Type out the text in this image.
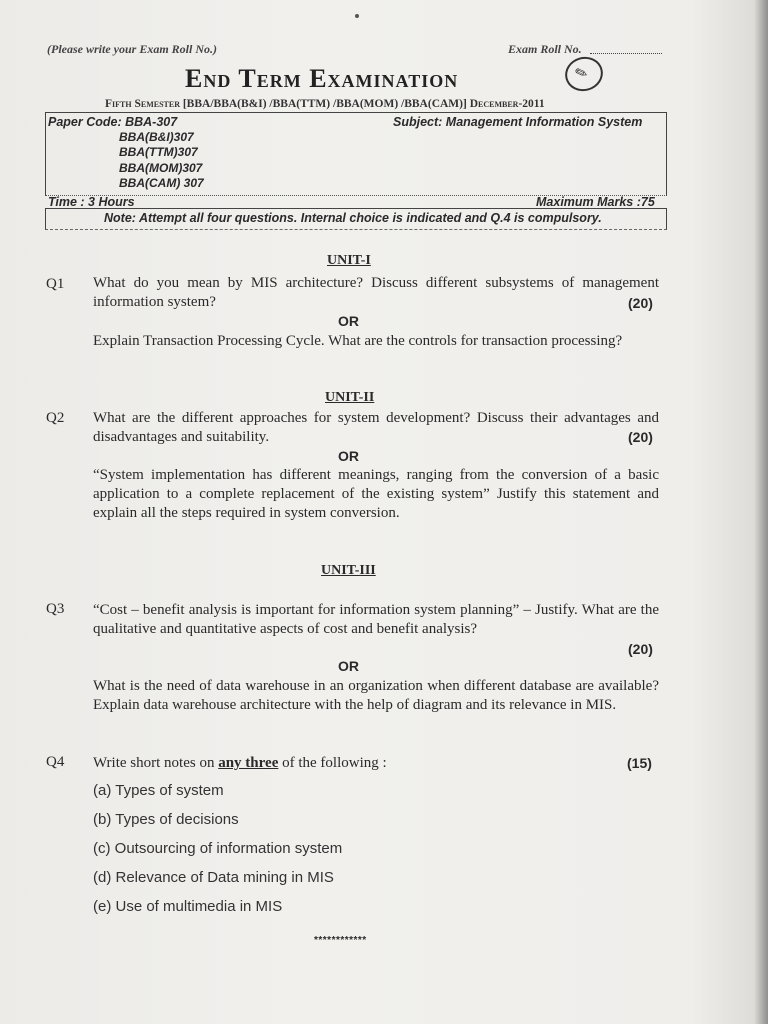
(Please write your Exam Roll No.)	Exam Roll No.
✎
End Term Examination
Fifth Semester [BBA/BBA(B&I) /BBA(TTM) /BBA(MOM) /BBA(CAM)] December-2011
Paper Code: BBA-307
BBA(B&I)307
BBA(TTM)307
BBA(MOM)307
BBA(CAM) 307
Subject: Management Information System
Time : 3 Hours	Maximum Marks :75
Note: Attempt all four questions. Internal choice is indicated and Q.4 is compulsory.
UNIT-I
Q1 What do you mean by MIS architecture? Discuss different subsystems of management information system?	(20)
OR
Explain Transaction Processing Cycle. What are the controls for transaction processing?
UNIT-II
Q2 What are the different approaches for system development? Discuss their advantages and disadvantages and suitability.	(20)
OR
“System implementation has different meanings, ranging from the conversion of a basic application to a complete replacement of the existing system” Justify this statement and explain all the steps required in system conversion.
UNIT-III
Q3 “Cost – benefit analysis is important for information system planning” – Justify. What are the qualitative and quantitative aspects of cost and benefit analysis?
(20)
OR
What is the need of data warehouse in an organization when different database are available? Explain data warehouse architecture with the help of diagram and its relevance in MIS.
Q4 Write short notes on any three of the following :	(15)
(a) Types of system
(b) Types of decisions
(c) Outsourcing of information system
(d) Relevance of Data mining in MIS
(e) Use of multimedia in MIS
************
